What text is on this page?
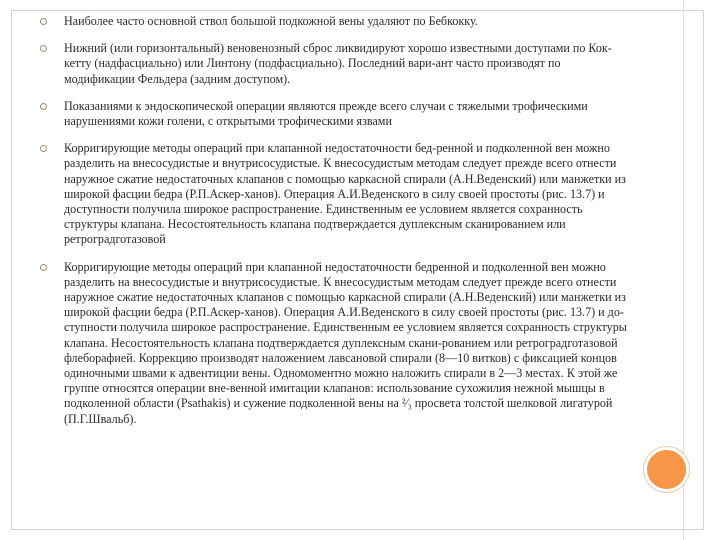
Наиболее часто основной ствол большой подкожной вены удаляют по Бебкокку.
Нижний (или горизонтальный) веновенозный сброс ликвидируют хорошо известными доступами по Кок-кетту (надфасциально) или Линтону (подфасциально). Последний вари-ант часто производят по модификации Фельдера (задним доступом).
Показаниями к эндоскопической операции являются прежде всего случаи с тяжелыми трофическими нарушениями кожи голени, с открытыми трофическими язвами
Корригирующие методы операций при клапанной недостаточности бед-ренной и подколенной вен можно разделить на внесосудистые и внутрисосудистые. К внесосудистым методам следует прежде всего отнести наружное сжатие недостаточных клапанов с помощью каркасной спирали (А.Н.Веденский) или манжетки из широкой фасции бедра (Р.П.Аскер-ханов). Операция А.И.Веденского в силу своей простоты (рис. 13.7) и доступности получила широкое распространение. Единственным ее условием является сохранность структуры клапана. Несостоятельность клапана подтверждается дуплексным сканированием или ретроградготазовой
Корригирующие методы операций при клапанной недостаточности бедренной и подколенной вен можно разделить на внесосудистые и внутрисосудистые. К внесосудистым методам следует прежде всего отнести наружное сжатие недостаточных клапанов с помощью каркасной спирали (А.Н.Веденский) или манжетки из широкой фасции бедра (Р.П.Аскер-ханов). Операция А.И.Веденского в силу своей простоты (рис. 13.7) и до-ступности получила широкое распространение. Единственным ее условием является сохранность структуры клапана. Несостоятельность клапана подтверждается дуплексным скани-рованием или ретроградготазовой флеборафией. Коррекцию производят наложением лавсановой спирали (8—10 витков) с фиксацией концов одиночными швами к адвентиции вены. Одномоментно можно наложить спирали в 2—3 местах. К этой же группе относятся операции вне-венной имитации клапанов: использование сухожилия нежной мышцы в подколенной области (Psathakis) и сужение подколенной вены на ²⁄₃ просвета толстой шелковой лигатурой (П.Г.Швальб).
